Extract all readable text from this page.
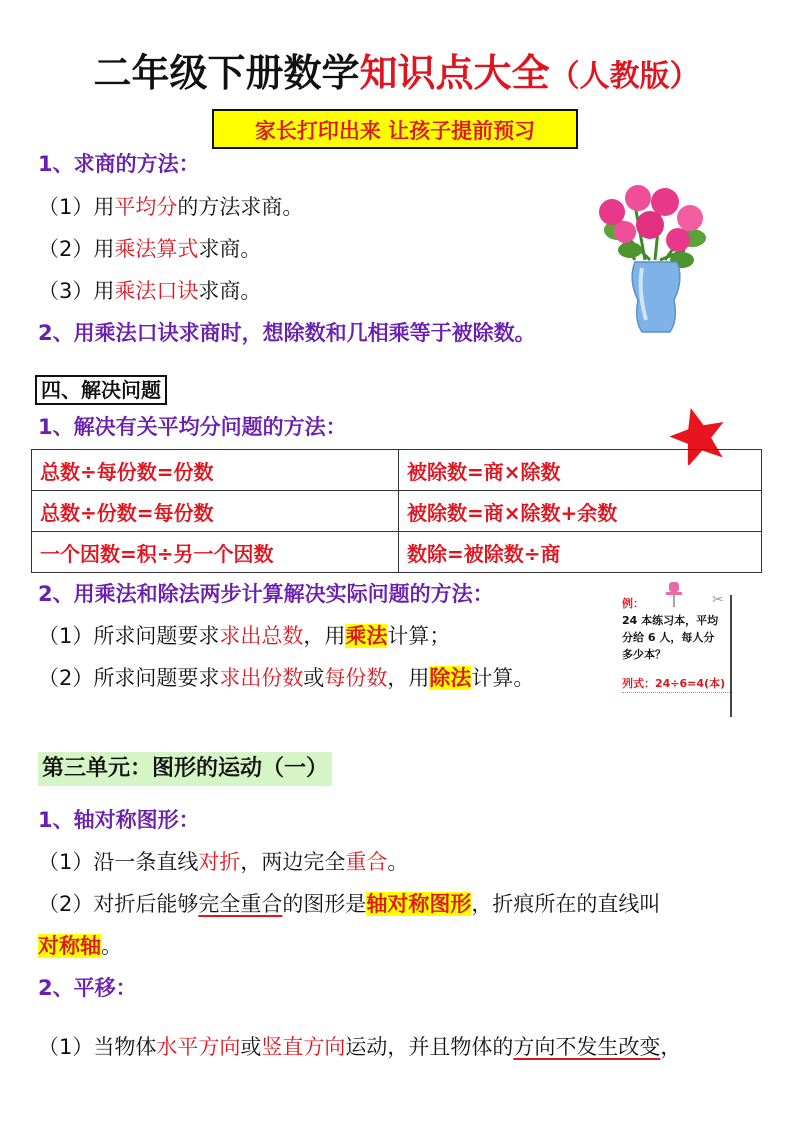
二年级下册数学知识点大全（人教版）
家长打印出来 让孩子提前预习
1、求商的方法：
（1）用平均分的方法求商。
（2）用乘法算式求商。
（3）用乘法口诀求商。
2、用乘法口诀求商时，想除数和几相乘等于被除数。
四、解决问题
1、解决有关平均分问题的方法：
总数÷每份数=份数	被除数=商×除数
总数÷份数=每份数	被除数=商×除数+余数
一个因数=积÷另一个因数	数除=被除数÷商
2、用乘法和除法两步计算解决实际问题的方法：
（1）所求问题要求求出总数，用乘法计算；
（2）所求问题要求求出份数或每份数，用除法计算。
✂
例：
24 本练习本，平均
分给 6 人，每人分
多少本？
列式：24÷6=4(本)
第三单元：图形的运动（一）
1、轴对称图形：
（1）沿一条直线对折，两边完全重合。
（2）对折后能够完全重合的图形是轴对称图形，折痕所在的直线叫
对称轴。
2、平移：
（1）当物体水平方向或竖直方向运动，并且物体的方向不发生改变，
